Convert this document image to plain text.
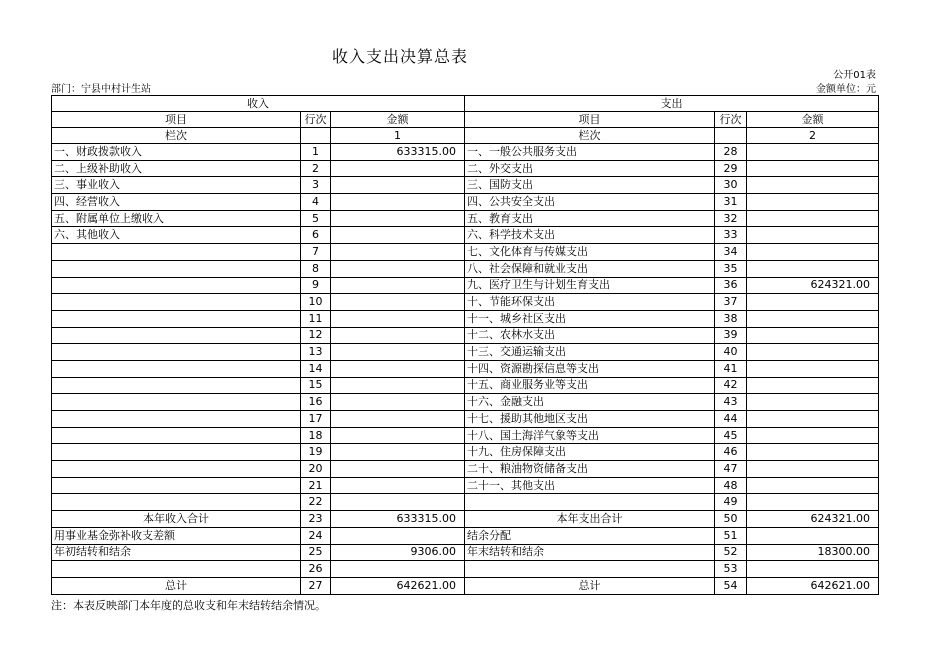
收入支出决算总表
公开01表
部门：宁县中村计生站	金额单位：元
收入			支出		
项目	行次	金额	项目	行次	金额
栏次		1	栏次		2
一、财政拨款收入	1	633315.00	一、一般公共服务支出	28	
二、上级补助收入	2		二、外交支出	29	
三、事业收入	3		三、国防支出	30	
四、经营收入	4		四、公共安全支出	31	
五、附属单位上缴收入	5		五、教育支出	32	
六、其他收入	6		六、科学技术支出	33	
	7		七、文化体育与传媒支出	34	
	8		八、社会保障和就业支出	35	
	9		九、医疗卫生与计划生育支出	36	624321.00
	10		十、节能环保支出	37	
	11		十一、城乡社区支出	38	
	12		十二、农林水支出	39	
	13		十三、交通运输支出	40	
	14		十四、资源勘探信息等支出	41	
	15		十五、商业服务业等支出	42	
	16		十六、金融支出	43	
	17		十七、援助其他地区支出	44	
	18		十八、国土海洋气象等支出	45	
	19		十九、住房保障支出	46	
	20		二十、粮油物资储备支出	47	
	21		二十一、其他支出	48	
	22			49	
本年收入合计	23	633315.00	本年支出合计	50	624321.00
用事业基金弥补收支差额	24		结余分配	51	
年初结转和结余	25	9306.00	年末结转和结余	52	18300.00
	26			53	
总计	27	642621.00	总计	54	642621.00
注：本表反映部门本年度的总收支和年末结转结余情况。
